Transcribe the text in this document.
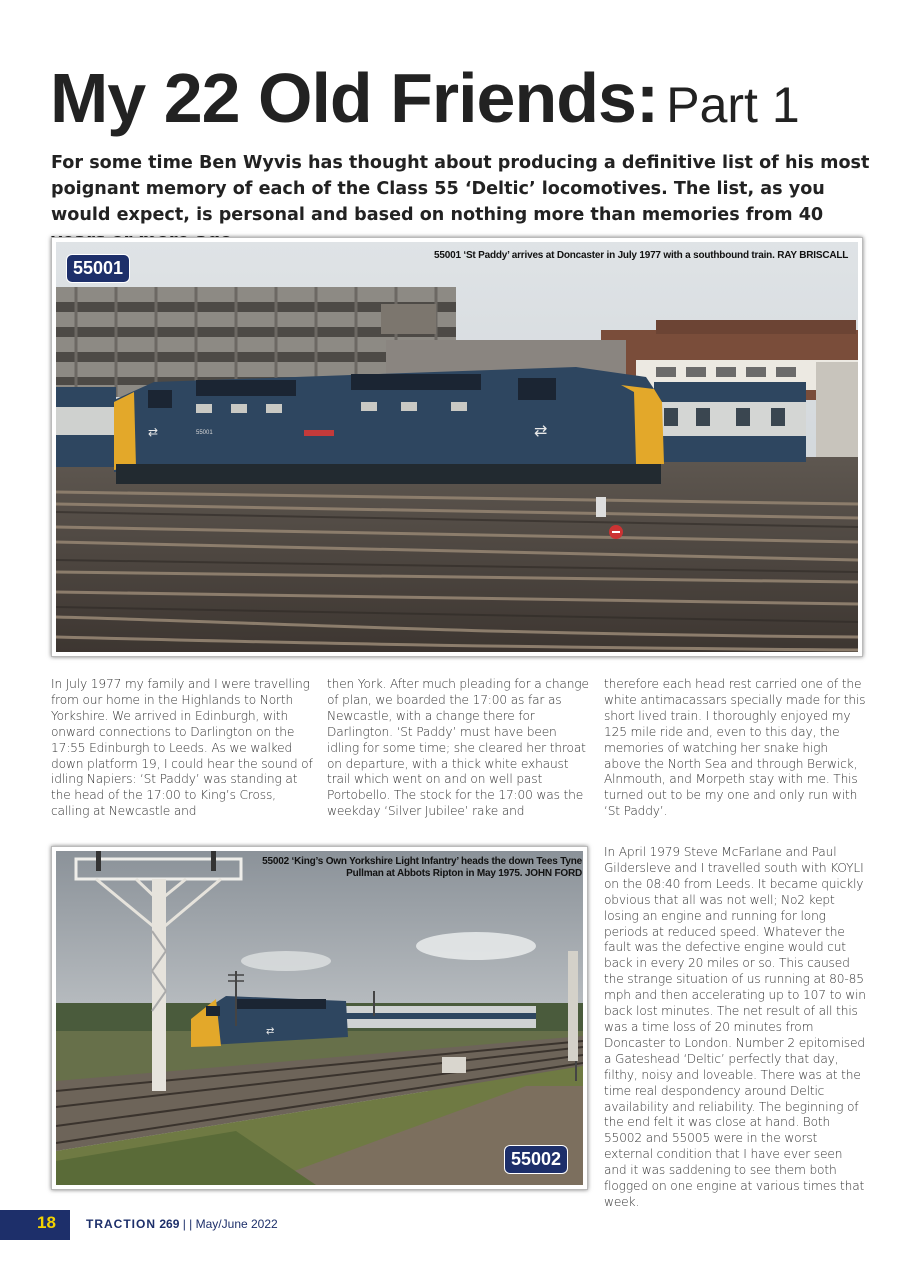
My 22 Old Friends: Part 1

For some time Ben Wyvis has thought about producing a definitive list of his most poignant memory of each of the Class 55 ‘Deltic’ locomotives. The list, as you would expect, is personal and based on nothing more than memories from 40

⇄
⇄	55001
55001
55001 ‘St Paddy’ arrives at Doncaster in July 1977 with a southbound train. RAY BRISCALL

In July 1977 my family and I were travelling from our home in the Highlands to North Yorkshire. We arrived in Edinburgh, with onward connections to Darlington on the 17:55 Edinburgh to Leeds. As we walked down platform 19, I could hear the sound of idling Napiers: ‘St Paddy’ was standing at the head of the 17:00 to King’s Cross, calling at Newcastle and

then York. After much pleading for a change of plan, we boarded the 17:00 as far as Newcastle, with a change there for Darlington. ‘St Paddy’ must have been idling for some time; she cleared her throat on departure, with a thick white exhaust trail which went on and on well past Portobello. The stock for the 17:00 was the weekday ‘Silver Jubilee’ rake and

therefore each head rest carried one of the white antimacassars specially made for this short lived train. I thoroughly enjoyed my 125 mile ride and, even to this day, the memories of watching her snake high above the North Sea and through Berwick, Alnmouth, and Morpeth stay with me. This turned out to be my one and only run with ‘St Paddy’.

In April 1979 Steve McFarlane and Paul Gildersleve and I travelled south with KOYLI on the 08:40 from Leeds. It became quickly obvious that all was not well; No2 kept losing an engine and running for long periods at reduced speed. Whatever the fault was the defective engine would cut back in every 20 miles or so. This caused the strange situation of us running at 80-85 mph and then accelerating up to 107 to win back lost minutes. The net result of all this was a time loss of 20 minutes from Doncaster to London. Number 2 epitomised a Gateshead ‘Deltic’ perfectly that day, filthy, noisy and loveable. There was at the time real despondency around Deltic availability and reliability. The beginning of the end felt it was close at hand. Both 55002 and 55005 were in the worst external condition that I have ever seen and it was saddening to see them both flogged on one engine at various times that week.

⇄
55002 ‘King’s Own Yorkshire Light Infantry’ heads the down Tees Tyne
Pullman at Abbots Ripton in May 1975. JOHN FORD
55002
18	TRACTION 269 | | May/June 2022
